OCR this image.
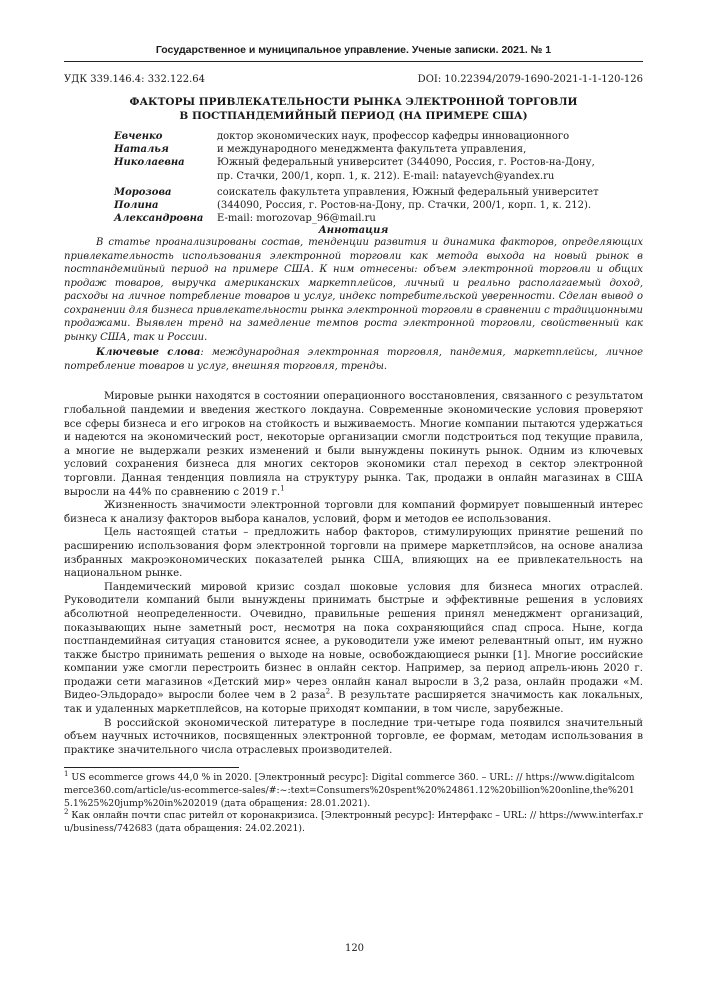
Государственное и муниципальное управление. Ученые записки. 2021. № 1
УДК 339.146.4: 332.122.64	DOI: 10.22394/2079-1690-2021-1-1-120-126
ФАКТОРЫ ПРИВЛЕКАТЕЛЬНОСТИ РЫНКА ЭЛЕКТРОННОЙ ТОРГОВЛИ
В ПОСТПАНДЕМИЙНЫЙ ПЕРИОД (НА ПРИМЕРЕ США)
Евченко
Наталья
Николаевна
доктор экономических наук, профессор кафедры инновационного
и международного менеджмента факультета управления,
Южный федеральный университет (344090, Россия, г. Ростов-на-Дону,
пр. Стачки, 200/1, корп. 1, к. 212). E-mail: natayevch@yandex.ru
Морозова
Полина
Александровна
соискатель факультета управления, Южный федеральный университет
(344090, Россия, г. Ростов-на-Дону, пр. Стачки, 200/1, корп. 1, к. 212).
E-mail: morozovap_96@mail.ru
Аннотация

В статье проанализированы состав, тенденции развития и динамика факторов, определяющих привлекательность использования электронной торговли как метода выхода на новый рынок в постпандемийный период на примере США. К ним отнесены: объем электронной торговли и общих продаж товаров, выручка американских маркетплейсов, личный и реально располагаемый доход, расходы на личное потребление товаров и услуг, индекс потребительской уверенности. Сделан вывод о сохранении для бизнеса привлекательности рынка электронной торговли в сравнении с традиционными продажами. Выявлен тренд на замедление темпов роста электронной торговли, свойственный как рынку США, так и России.

Ключевые слова: международная электронная торговля, пандемия, маркетплейсы, личное потребление товаров и услуг, внешняя торговля, тренды.

Мировые рынки находятся в состоянии операционного восстановления, связанного с результатом глобальной пандемии и введения жесткого локдауна. Современные экономические условия проверяют все сферы бизнеса и его игроков на стойкость и выживаемость. Многие компании пытаются удержаться и надеются на экономический рост, некоторые организации смогли подстроиться под текущие правила, а многие не выдержали резких изменений и были вынуждены покинуть рынок. Одним из ключевых условий сохранения бизнеса для многих секторов экономики стал переход в сектор электронной торговли. Данная тенденция повлияла на структуру рынка. Так, продажи в онлайн магазинах в США выросли на 44% по сравнению с 2019 г.$^1$

Жизненность значимости электронной торговли для компаний формирует повышенный интерес бизнеса к анализу факторов выбора каналов, условий, форм и методов ее использования.

Цель настоящей статьи – предложить набор факторов, стимулирующих принятие решений по расширению использования форм электронной торговли на примере маркетплэйсов, на основе анализа избранных макроэкономических показателей рынка США, влияющих на ее привлекательность на национальном рынке.

Пандемический мировой кризис создал шоковые условия для бизнеса многих отраслей. Руководители компаний были вынуждены принимать быстрые и эффективные решения в условиях абсолютной неопределенности. Очевидно, правильные решения принял менеджмент организаций, показывающих ныне заметный рост, несмотря на пока сохраняющийся спад спроса. Ныне, когда постпандемийная ситуация становится яснее, а руководители уже имеют релевантный опыт, им нужно также быстро принимать решения о выходе на новые, освобождающиеся рынки [1]. Многие российские компании уже смогли перестроить бизнес в онлайн сектор. Например, за период апрель-июнь 2020 г. продажи сети магазинов «Детский мир» через онлайн канал выросли в 3,2 раза, онлайн продажи «М. Видео-Эльдорадо» выросли более чем в 2 раза$^2$. В результате расширяется значимость как локальных, так и удаленных маркетплейсов, на которые приходят компании, в том числе, зарубежные.

В российской экономической литературе в последние три-четыре года появился значительный объем научных источников, посвященных электронной торговле, ее формам, методам использования в практике значительного числа отраслевых производителей.

$^1$ US ecommerce grows 44,0 % in 2020. [Электронный ресурс]: Digital commerce 360. – URL: // https://www.digitalcommerce360.com/article/us-ecommerce-sales/#:~:text=Consumers%20spent%20%24861.12%20billion%20online,the%2015.1%25%20jump%20in%202019 (дата обращения: 28.01.2021).

$^2$ Как онлайн почти спас ритейл от коронакризиса. [Электронный ресурс]: Интерфакс – URL: // https://www.interfax.ru/business/742683 (дата обращения: 24.02.2021).

120
